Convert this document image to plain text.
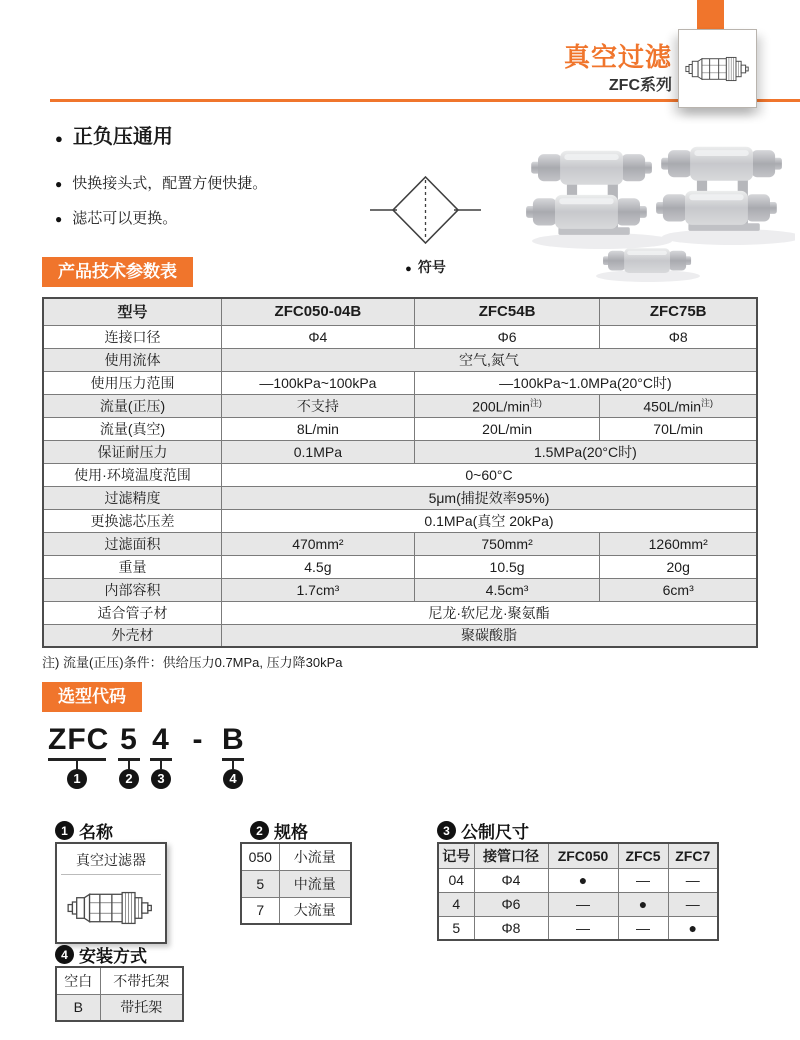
真空过滤
ZFC系列
● 正负压通用
● 快换接头式，配置方便快捷。
● 滤芯可以更换。
● 符号
产品技术参数表
型号	ZFC050-04B	ZFC54B	ZFC75B
连接口径	Φ4	Φ6	Φ8
使用流体	空气,氮气		
使用压力范围	—100kPa~100kPa	—100kPa~1.0MPa(20°C时)	
流量(正压)	不支持	200L/min$^{注)}$	450L/min$^{注)}$
流量(真空)	8L/min	20L/min	70L/min
保证耐压力	0.1MPa	1.5MPa(20°C时)	
使用·环境温度范围	0~60°C		
过滤精度	5μm(捕捉效率95%)		
更换滤芯压差	0.1MPa(真空 20kPa)		
过滤面积	470mm²	750mm²	1260mm²
重量	4.5g	10.5g	20g
内部容积	1.7cm³	4.5cm³	6cm³
适合管子材	尼龙·软尼龙·聚氨酯		
外壳材	聚碳酸脂		
注) 流量(正压)条件：供给压力0.7MPa, 压力降30kPa
选型代码
ZFC
1
5
2
4
3
- B
4
1 名称
真空过滤器
2 规格
050	小流量
5	中流量
7	大流量
3 公制尺寸
记号	接管口径	ZFC050	ZFC5	ZFC7
04	Φ4	●	—	—
4	Φ6	—	●	—
5	Φ8	—	—	●
4 安装方式
空白	不带托架
B	带托架
